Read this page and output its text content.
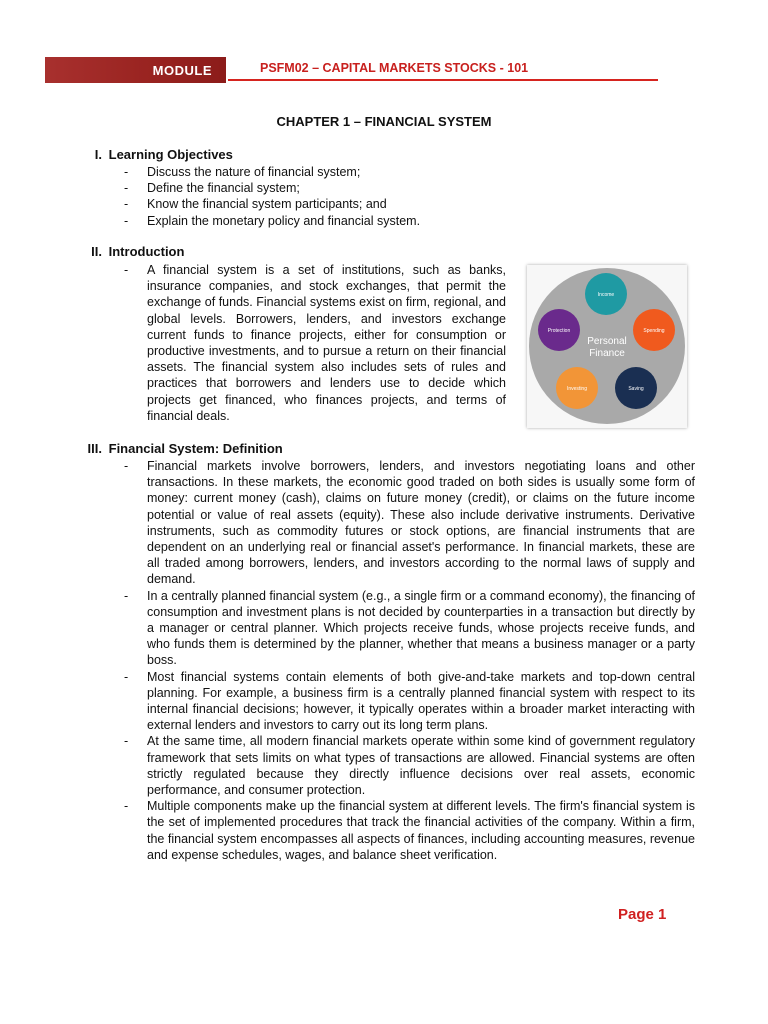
MODULE	PSFM02 – CAPITAL MARKETS STOCKS - 101
CHAPTER 1 – FINANCIAL SYSTEM
I. Learning Objectives
- Discuss the nature of financial system;
- Define the financial system;
- Know the financial system participants; and
- Explain the monetary policy and financial system.
II. Introduction
- A financial system is a set of institutions, such as banks, insurance companies, and stock exchanges, that permit the exchange of funds. Financial systems exist on firm, regional, and global levels. Borrowers, lenders, and investors exchange current funds to finance projects, either for consumption or productive investments, and to pursue a return on their financial assets. The financial system also includes sets of rules and practices that borrowers and lenders use to decide which projects get financed, who finances projects, and terms of financial deals.
III. Financial System: Definition
- Financial markets involve borrowers, lenders, and investors negotiating loans and other transactions. In these markets, the economic good traded on both sides is usually some form of money: current money (cash), claims on future money (credit), or claims on the future income potential or value of real assets (equity). These also include derivative instruments. Derivative instruments, such as commodity futures or stock options, are financial instruments that are dependent on an underlying real or financial asset's performance. In financial markets, these are all traded among borrowers, lenders, and investors according to the normal laws of supply and demand.
- In a centrally planned financial system (e.g., a single firm or a command economy), the financing of consumption and investment plans is not decided by counterparties in a transaction but directly by a manager or central planner. Which projects receive funds, whose projects receive funds, and who funds them is determined by the planner, whether that means a business manager or a party boss.
- Most financial systems contain elements of both give-and-take markets and top-down central planning. For example, a business firm is a centrally planned financial system with respect to its internal financial decisions; however, it typically operates within a broader market interacting with external lenders and investors to carry out its long term plans.
- At the same time, all modern financial markets operate within some kind of government regulatory framework that sets limits on what types of transactions are allowed. Financial systems are often strictly regulated because they directly influence decisions over real assets, economic performance, and consumer protection.
- Multiple components make up the financial system at different levels. The firm's financial system is the set of implemented procedures that track the financial activities of the company. Within a firm, the financial system encompasses all aspects of finances, including accounting measures, revenue and expense schedules, wages, and balance sheet verification.
Personal
Finance
Income
Spending
Saving
Investing
Protection
Page 1
